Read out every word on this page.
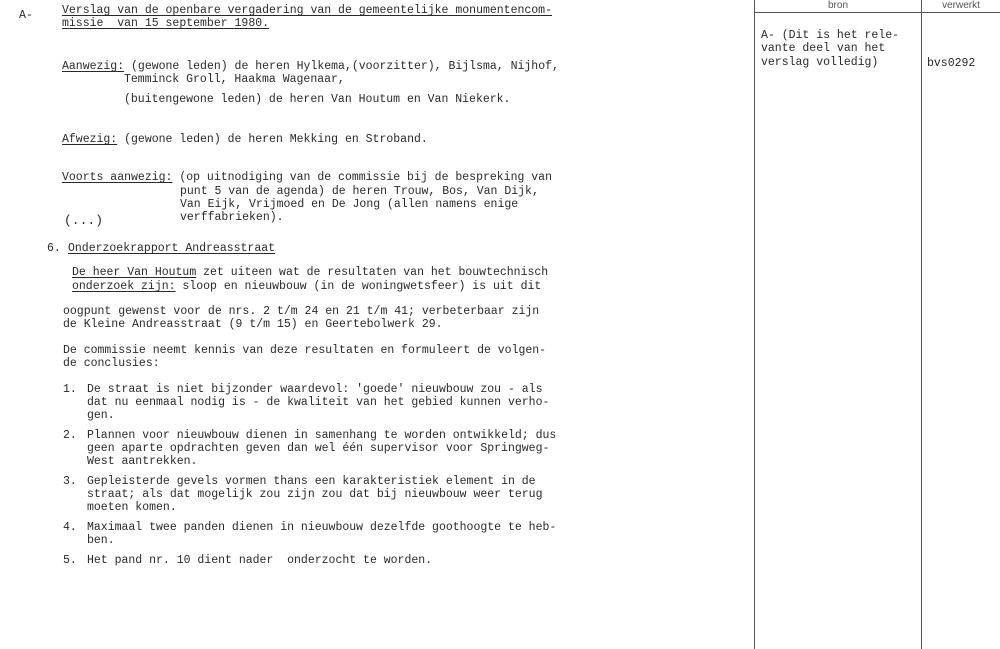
A-	Verslag van de openbare vergadering van de gemeentelijke monumentencom-
missie  van 15 september 1980.
Aanwezig: (gewone leden) de heren Hylkema,(voorzitter), Bijlsma, Nijhof,
Temminck Groll, Haakma Wagenaar,
(buitengewone leden) de heren Van Houtum en Van Niekerk.
Afwezig: (gewone leden) de heren Mekking en Stroband.
Voorts aanwezig: (op uitnodiging van de commissie bij de bespreking van
punt 5 van de agenda) de heren Trouw, Bos, Van Dijk,
Van Eijk, Vrijmoed en De Jong (allen namens enige
verffabrieken).
(...)
6. Onderzoekrapport Andreasstraat
De heer Van Houtum zet uiteen wat de resultaten van het bouwtechnisch
onderzoek zijn: sloop en nieuwbouw (in de woningwetsfeer) is uit dit
oogpunt gewenst voor de nrs. 2 t/m 24 en 21 t/m 41; verbeterbaar zijn
de Kleine Andreasstraat (9 t/m 15) en Geertebolwerk 29.
De commissie neemt kennis van deze resultaten en formuleert de volgen-
de conclusies:
1. De straat is niet bijzonder waardevol: 'goede' nieuwbouw zou - als
dat nu eenmaal nodig is - de kwaliteit van het gebied kunnen verho-
gen.
2. Plannen voor nieuwbouw dienen in samenhang te worden ontwikkeld; dus
geen aparte opdrachten geven dan wel één supervisor voor Springweg-
West aantrekken.
3. Gepleisterde gevels vormen thans een karakteristiek element in de
straat; als dat mogelijk zou zijn zou dat bij nieuwbouw weer terug
moeten komen.
4. Maximaal twee panden dienen in nieuwbouw dezelfde goothoogte te heb-
ben.
5. Het pand nr. 10 dient nader  onderzocht te worden.
bron	verwerkt
A- (Dit is het rele-
vante deel van het
verslag volledig)	bvs0292
